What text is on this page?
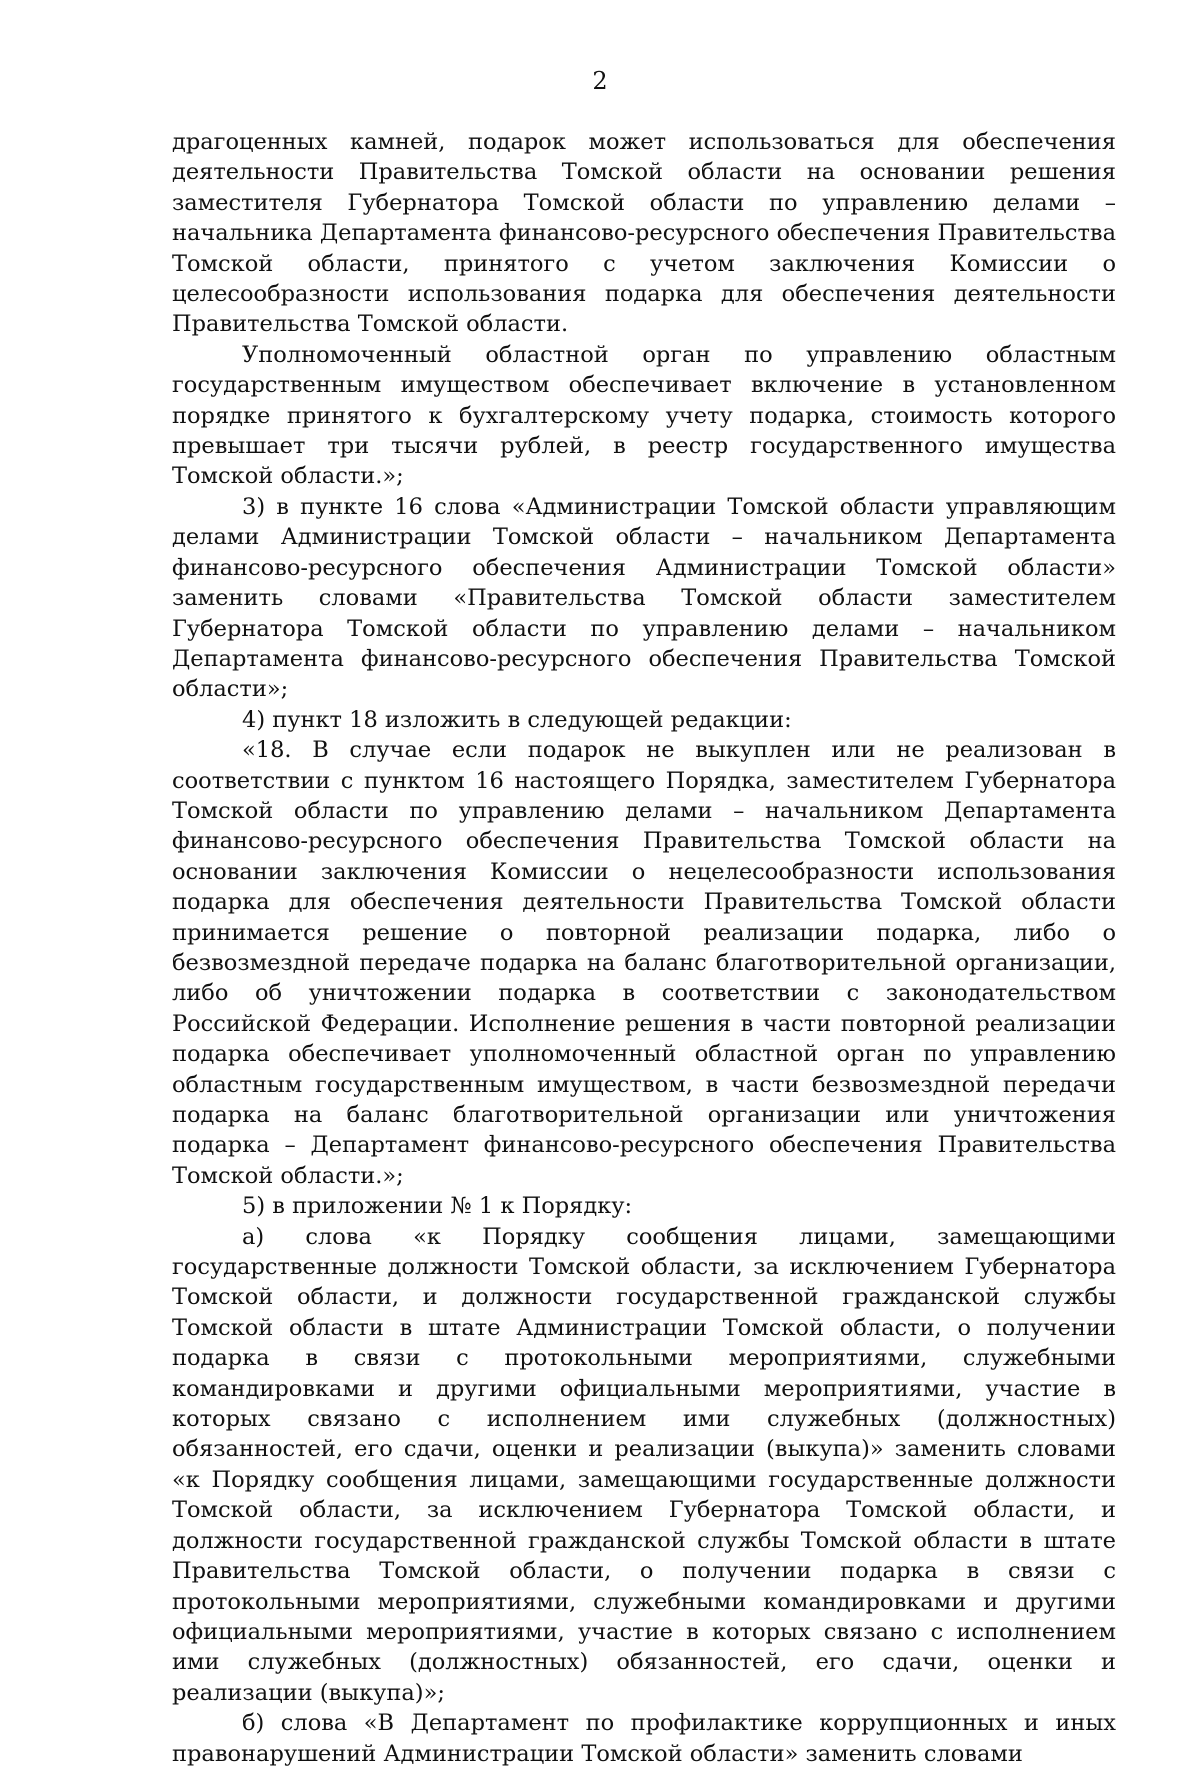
2

драгоценных камней, подарок может использоваться для обеспечения деятельности Правительства Томской области на основании решения заместителя Губернатора Томской области по управлению делами – начальника Департамента финансово-ресурсного обеспечения Правительства Томской области, принятого с учетом заключения Комиссии о целесообразности использования подарка для обеспечения деятельности Правительства Томской области.

Уполномоченный областной орган по управлению областным государственным имуществом обеспечивает включение в установленном порядке принятого к бухгалтерскому учету подарка, стоимость которого превышает три тысячи рублей, в реестр государственного имущества Томской области.»;

3) в пункте 16 слова «Администрации Томской области управляющим делами Администрации Томской области – начальником Департамента финансово-ресурсного обеспечения Администрации Томской области» заменить словами «Правительства Томской области заместителем Губернатора Томской области по управлению делами – начальником Департамента финансово-ресурсного обеспечения Правительства Томской области»;

4) пункт 18 изложить в следующей редакции:

«18. В случае если подарок не выкуплен или не реализован в соответствии с пунктом 16 настоящего Порядка, заместителем Губернатора Томской области по управлению делами – начальником Департамента финансово-ресурсного обеспечения Правительства Томской области на основании заключения Комиссии о нецелесообразности использования подарка для обеспечения деятельности Правительства Томской области принимается решение о повторной реализации подарка, либо о безвозмездной передаче подарка на баланс благотворительной организации, либо об уничтожении подарка в соответствии с законодательством Российской Федерации. Исполнение решения в части повторной реализации подарка обеспечивает уполномоченный областной орган по управлению областным государственным имуществом, в части безвозмездной передачи подарка на баланс благотворительной организации или уничтожения подарка – Департамент финансово-ресурсного обеспечения Правительства Томской области.»;

5) в приложении № 1 к Порядку:

а) слова «к Порядку сообщения лицами, замещающими государственные должности Томской области, за исключением Губернатора Томской области, и должности государственной гражданской службы Томской области в штате Администрации Томской области, о получении подарка в связи с протокольными мероприятиями, служебными командировками и другими официальными мероприятиями, участие в которых связано с исполнением ими служебных (должностных) обязанностей, его сдачи, оценки и реализации (выкупа)» заменить словами «к Порядку сообщения лицами, замещающими государственные должности Томской области, за исключением Губернатора Томской области, и должности государственной гражданской службы Томской области в штате Правительства Томской области, о получении подарка в связи с протокольными мероприятиями, служебными командировками и другими официальными мероприятиями, участие в которых связано с исполнением ими служебных (должностных) обязанностей, его сдачи, оценки и реализации (выкупа)»;

б) слова «В Департамент по профилактике коррупционных и иных правонарушений Администрации Томской области» заменить словами
